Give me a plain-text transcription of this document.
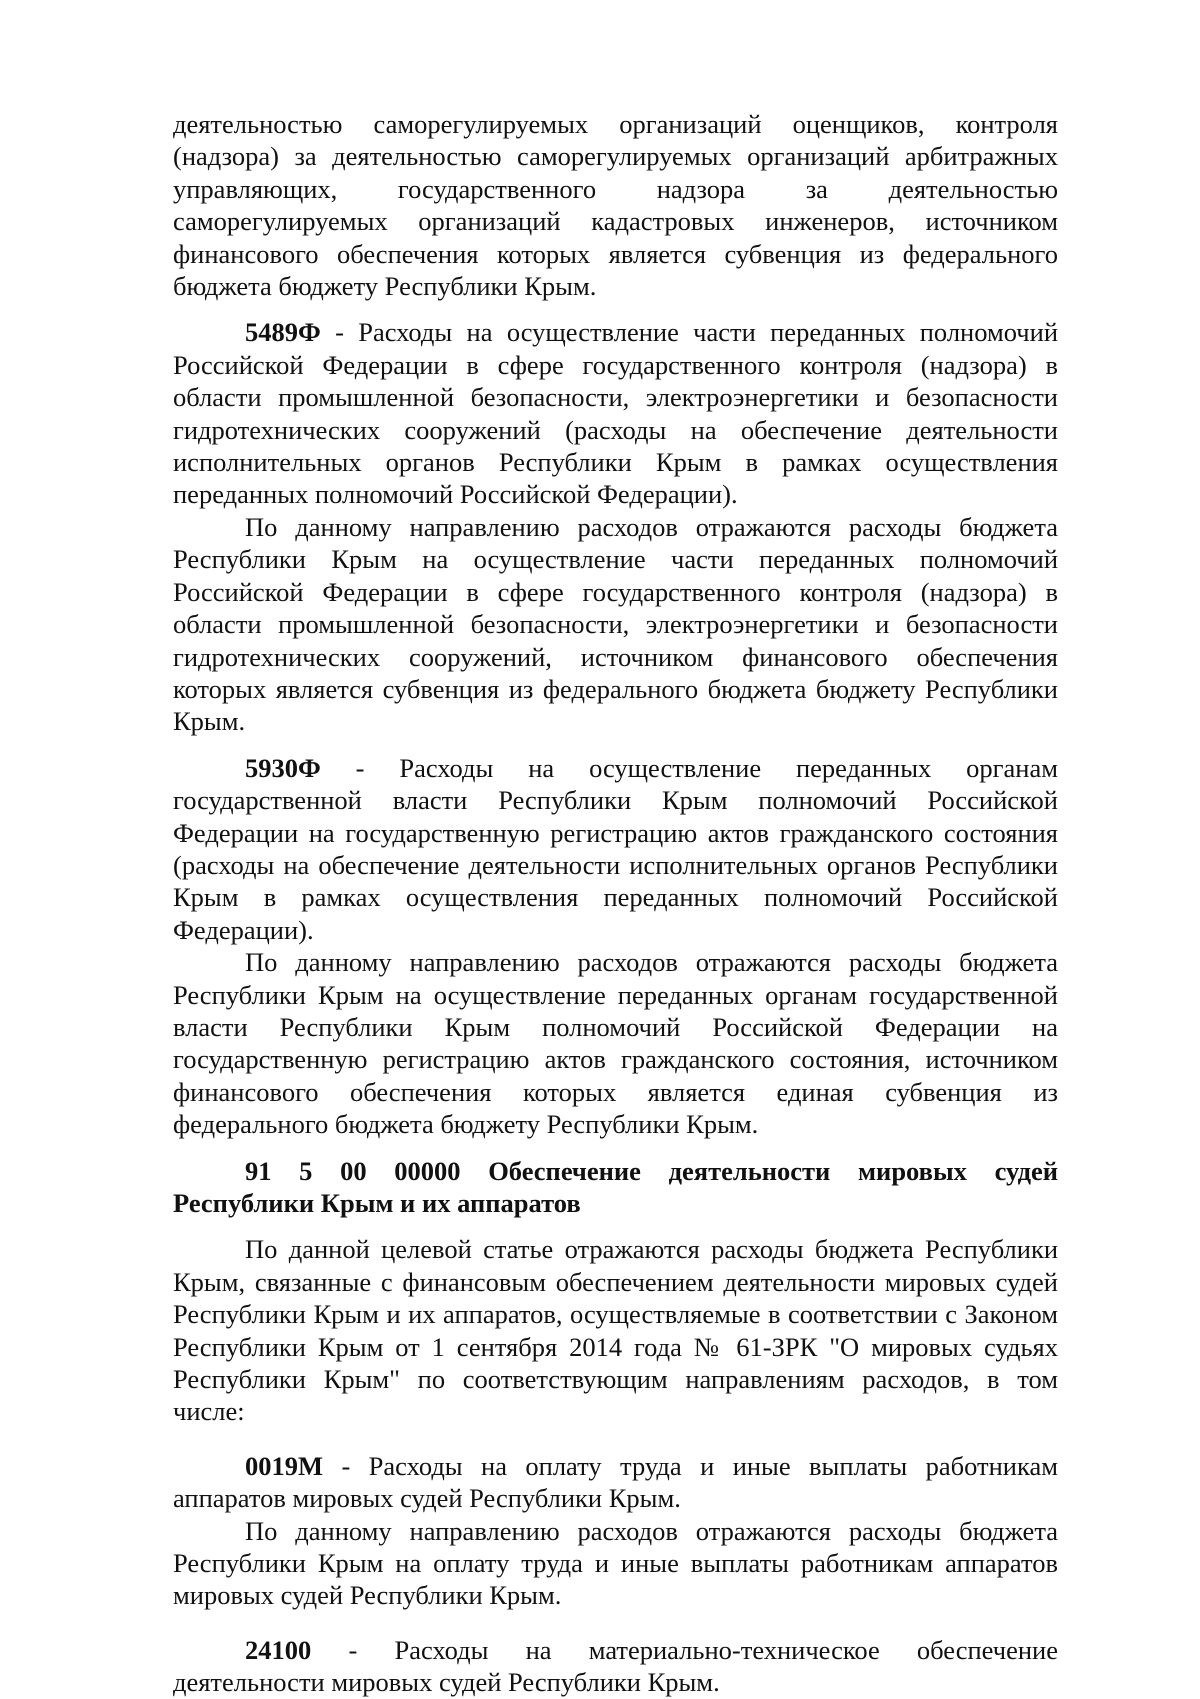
деятельностью саморегулируемых организаций оценщиков, контроля (надзора) за деятельностью саморегулируемых организаций арбитражных управляющих, государственного надзора за деятельностью саморегулируемых организаций кадастровых инженеров, источником финансового обеспечения которых является субвенция из федерального бюджета бюджету Республики Крым.

5489Ф - Расходы на осуществление части переданных полномочий Российской Федерации в сфере государственного контроля (надзора) в области промышленной безопасности, электроэнергетики и безопасности гидротехнических сооружений (расходы на обеспечение деятельности исполнительных органов Республики Крым в рамках осуществления переданных полномочий Российской Федерации).

По данному направлению расходов отражаются расходы бюджета Республики Крым на осуществление части переданных полномочий Российской Федерации в сфере государственного контроля (надзора) в области промышленной безопасности, электроэнергетики и безопасности гидротехнических сооружений, источником финансового обеспечения которых является субвенция из федерального бюджета бюджету Республики Крым.

5930Ф - Расходы на осуществление переданных органам государственной власти Республики Крым полномочий Российской Федерации на государственную регистрацию актов гражданского состояния (расходы на обеспечение деятельности исполнительных органов Республики Крым в рамках осуществления переданных полномочий Российской Федерации).

По данному направлению расходов отражаются расходы бюджета Республики Крым на осуществление переданных органам государственной власти Республики Крым полномочий Российской Федерации на государственную регистрацию актов гражданского состояния, источником финансового обеспечения которых является единая субвенция из федерального бюджета бюджету Республики Крым.

91 5 00 00000 Обеспечение деятельности мировых судей Республики Крым и их аппаратов

По данной целевой статье отражаются расходы бюджета Республики Крым, связанные с финансовым обеспечением деятельности мировых судей Республики Крым и их аппаратов, осуществляемые в соответствии с Законом Республики Крым от 1 сентября 2014 года № 61-ЗРК "О мировых судьях Республики Крым" по соответствующим направлениям расходов, в том числе:

0019М - Расходы на оплату труда и иные выплаты работникам аппаратов мировых судей Республики Крым.

По данному направлению расходов отражаются расходы бюджета Республики Крым на оплату труда и иные выплаты работникам аппаратов мировых судей Республики Крым.

24100 - Расходы на материально-техническое обеспечение деятельности мировых судей Республики Крым.
